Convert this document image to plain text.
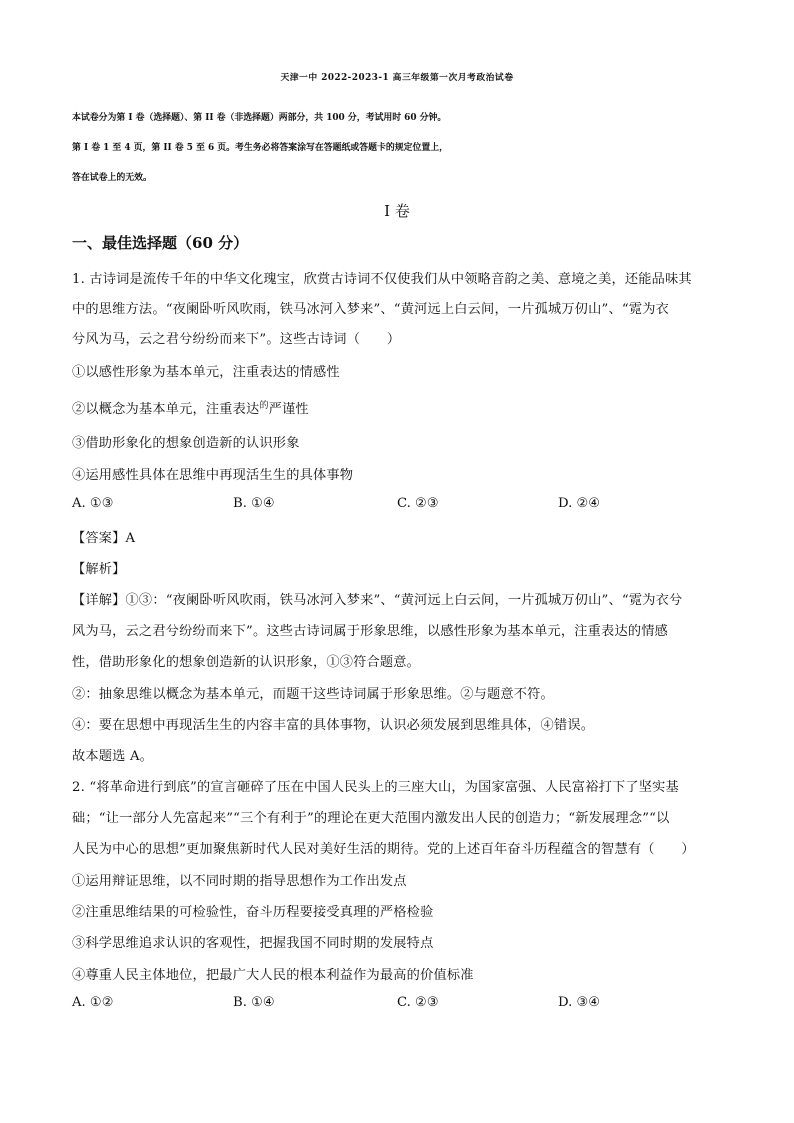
天津一中 2022-2023-1 高三年级第一次月考政治试卷
本试卷分为第 I 卷（选择题）、第 II 卷（非选择题）两部分，共 100 分，考试用时 60 分钟。
第 I 卷 1 至 4 页，第 II 卷 5 至 6 页。考生务必将答案涂写在答题纸或答题卡的规定位置上，
答在试卷上的无效。
I 卷
一、最佳选择题（60 分）
1. 古诗词是流传千年的中华文化瑰宝，欣赏古诗词不仅使我们从中领略音韵之美、意境之美，还能品味其
中的思维方法。“夜阑卧听风吹雨，铁马冰河入梦来”、“黄河远上白云间，一片孤城万仞山”、“霓为衣
兮风为马，云之君兮纷纷而来下”。这些古诗词（　　）
①以感性形象为基本单元，注重表达的情感性
②以概念为基本单元，注重表达$^的$严谨性
③借助形象化的想象创造新的认识形象
④运用感性具体在思维中再现活生生的具体事物
A. ①③	B. ①④	C. ②③	D. ②④
【答案】A
【解析】
【详解】①③：“夜阑卧听风吹雨，铁马冰河入梦来”、“黄河远上白云间，一片孤城万仞山”、“霓为衣兮
风为马，云之君兮纷纷而来下”。这些古诗词属于形象思维，以感性形象为基本单元，注重表达的情感
性，借助形象化的想象创造新的认识形象，①③符合题意。
②：抽象思维以概念为基本单元，而题干这些诗词属于形象思维。②与题意不符。
④：要在思想中再现活生生的内容丰富的具体事物，认识必须发展到思维具体，④错误。
故本题选 A。
2. “将革命进行到底”的宣言砸碎了压在中国人民头上的三座大山，为国家富强、人民富裕打下了坚实基
础；“让一部分人先富起来”“三个有利于”的理论在更大范围内激发出人民的创造力；“新发展理念”“以
人民为中心的思想”更加聚焦新时代人民对美好生活的期待。党的上述百年奋斗历程蕴含的智慧有（　　）
①运用辩证思维，以不同时期的指导思想作为工作出发点
②注重思维结果的可检验性，奋斗历程要接受真理的严格检验
③科学思维追求认识的客观性，把握我国不同时期的发展特点
④尊重人民主体地位，把最广大人民的根本利益作为最高的价值标准
A. ①②	B. ①④	C. ②③	D. ③④
